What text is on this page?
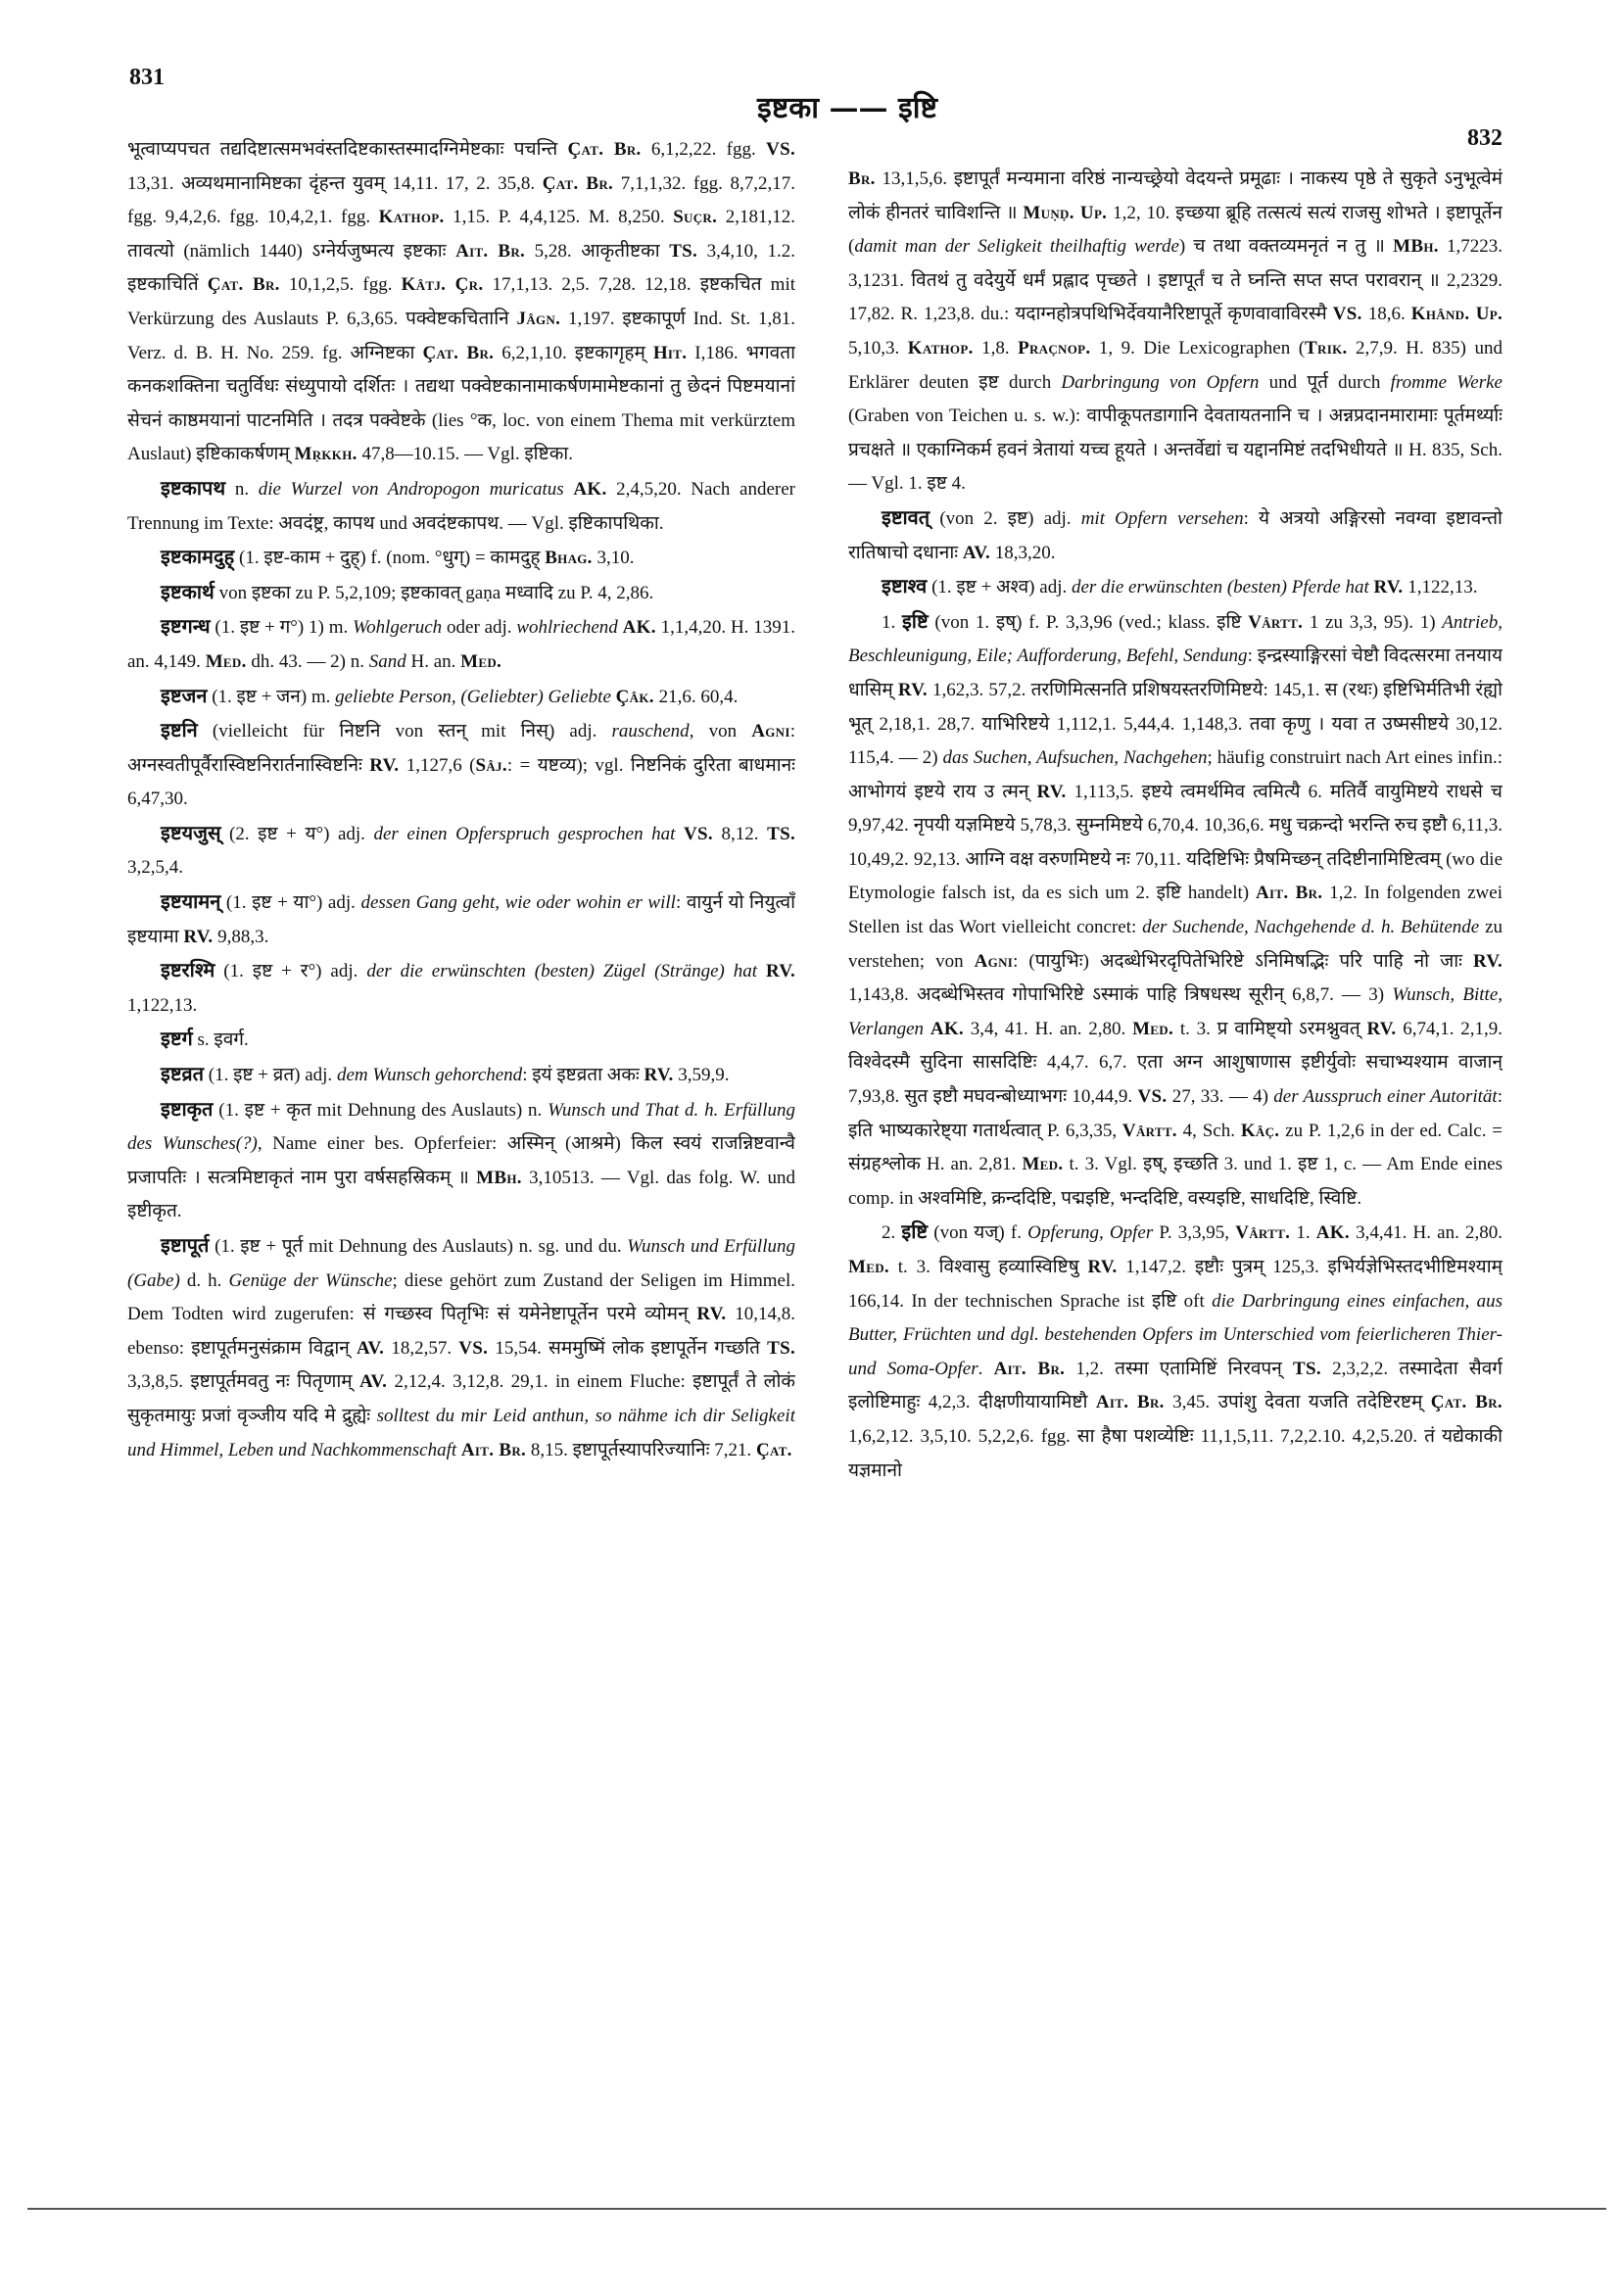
831
इष्टका —— इष्टि
832

भूत्वाप्यपचत तद्यदिष्टात्समभवंस्तदिष्टकास्तस्मादग्निमेष्टकाः पचन्ति Çat. Br. 6,1,2,22. fgg. VS. 13,31. अव्यथमानामिष्टका दृंहन्त युवम् 14,11. 17, 2. 35,8. Çat. Br. 7,1,1,32. fgg. 8,7,2,17. fgg. 9,4,2,6. fgg. 10,4,2,1. fgg. Kathop. 1,15. P. 4,4,125. M. 8,250. Suçr. 2,181,12. तावत्यो (nämlich 1440) ऽग्नेर्यजुष्मत्य इष्टकाः Ait. Br. 5,28. आकृतीष्टका TS. 3,4,10, 1.2. इष्टकाचितिं Çat. Br. 10,1,2,5. fgg. Kâtj. Çr. 17,1,13. 2,5. 7,28. 12,18. इष्टकचित mit Verkürzung des Auslauts P. 6,3,65. पक्वेष्टकचितानि Jâgn. 1,197. इष्टकापूर्ण Ind. St. 1,81. Verz. d. B. H. No. 259. fg. अग्निष्टका Çat. Br. 6,2,1,10. इष्टकागृहम् Hit. I,186. भगवता कनकशक्तिना चतुर्विधः संध्युपायो दर्शितः । तद्यथा पक्वेष्टकानामाकर्षणमामेष्टकानां तु छेदनं पिष्टमयानां सेचनं काष्ठमयानां पाटनमिति । तदत्र पक्वेष्टके (lies °क, loc. von einem Thema mit verkürztem Auslaut) इष्टिकाकर्षणम् Mṛkkh. 47,8—10.15. — Vgl. इष्टिका.

इष्टकापथ n. die Wurzel von Andropogon muricatus AK. 2,4,5,20. Nach anderer Trennung im Texte: अवदंष्ट्र, कापथ und अवदंष्टकापथ. — Vgl. इष्टिकापथिका.

इष्टकामदुह् (1. इष्ट-काम + दुह्) f. (nom. °धुग्) = कामदुह् Bhag. 3,10.

इष्टकार्थ von इष्टका zu P. 5,2,109; इष्टकावत् gaṇa मध्वादि zu P. 4, 2,86.

इष्टगन्ध (1. इष्ट + ग°) 1) m. Wohlgeruch oder adj. wohlriechend AK. 1,1,4,20. H. 1391. an. 4,149. Med. dh. 43. — 2) n. Sand H. an. Med.

इष्टजन (1. इष्ट + जन) m. geliebte Person, (Geliebter) Geliebte Çâk. 21,6. 60,4.

इष्टनि (vielleicht für निष्टनि von स्तन् mit निस्) adj. rauschend, von Agni: अग्नस्वतीपूर्वैरास्विष्टनिरार्तनास्विष्टनिः RV. 1,127,6 (Sâj.: = यष्टव्य); vgl. निष्टनिकं दुरिता बाधमानः 6,47,30.

इष्टयजुस् (2. इष्ट + य°) adj. der einen Opferspruch gesprochen hat VS. 8,12. TS. 3,2,5,4.

इष्टयामन् (1. इष्ट + या°) adj. dessen Gang geht, wie oder wohin er will: वायुर्न यो नियुत्वाँ इष्टयामा RV. 9,88,3.

इष्टरश्मि (1. इष्ट + र°) adj. der die erwünschten (besten) Zügel (Stränge) hat RV. 1,122,13.

इष्टर्ग s. इवर्ग.

इष्टव्रत (1. इष्ट + व्रत) adj. dem Wunsch gehorchend: इयं इष्टव्रता अकः RV. 3,59,9.

इष्टाकृत (1. इष्ट + कृत mit Dehnung des Auslauts) n. Wunsch und That d. h. Erfüllung des Wunsches(?), Name einer bes. Opferfeier: अस्मिन् (आश्रमे) किल स्वयं राजन्निष्टवान्वै प्रजापतिः । सत्त्रमिष्टाकृतं नाम पुरा वर्षसहस्रिकम् ॥ MBh. 3,10513. — Vgl. das folg. W. und इष्टीकृत.

इष्टापूर्त (1. इष्ट + पूर्त mit Dehnung des Auslauts) n. sg. und du. Wunsch und Erfüllung (Gabe) d. h. Genüge der Wünsche; diese gehört zum Zustand der Seligen im Himmel. Dem Todten wird zugerufen: सं गच्छस्व पितृभिः सं यमेनेष्टापूर्तेन परमे व्योमन् RV. 10,14,8. ebenso: इष्टापूर्तमनुसंक्राम विद्वान् AV. 18,2,57. VS. 15,54. सममुष्मिं लोक इष्टापूर्तेन गच्छति TS. 3,3,8,5. इष्टापूर्तमवतु नः पितृणाम् AV. 2,12,4. 3,12,8. 29,1. in einem Fluche: इष्टापूर्तं ते लोकं सुकृतमायुः प्रजां वृञ्जीय यदि मे द्रुह्येः solltest du mir Leid anthun, so nähme ich dir Seligkeit und Himmel, Leben und Nachkommenschaft Ait. Br. 8,15. इष्टापूर्तस्यापरिज्यानिः 7,21. Çat.

Br. 13,1,5,6. इष्टापूर्तं मन्यमाना वरिष्ठं नान्यच्छ्रेयो वेदयन्ते प्रमूढाः । नाकस्य पृष्ठे ते सुकृते ऽनुभूत्वेमं लोकं हीनतरं चाविशन्ति ॥ Muṇḍ. Up. 1,2, 10. इच्छया ब्रूहि तत्सत्यं सत्यं राजसु शोभते । इष्टापूर्तेन (damit man der Seligkeit theilhaftig werde) च तथा वक्तव्यमनृतं न तु ॥ MBh. 1,7223. 3,1231. वितथं तु वदेयुर्ये धर्मं प्रह्लाद पृच्छते । इष्टापूर्तं च ते घ्नन्ति सप्त सप्त परावरान् ॥ 2,2329. 17,82. R. 1,23,8. du.: यदाग्नहोत्रपथिभिर्देवयानैरिष्टापूर्ते कृणवावाविरस्मै VS. 18,6. Khând. Up. 5,10,3. Kathop. 1,8. Praçnop. 1, 9. Die Lexicographen (Trik. 2,7,9. H. 835) und Erklärer deuten इष्ट durch Darbringung von Opfern und पूर्त durch fromme Werke (Graben von Teichen u. s. w.): वापीकूपतडागानि देवतायतनानि च । अन्नप्रदानमारामाः पूर्तमर्थ्याः प्रचक्षते ॥ एकाग्निकर्म हवनं त्रेतायां यच्च हूयते । अन्तर्वेद्यां च यद्दानमिष्टं तदभिधीयते ॥ H. 835, Sch. — Vgl. 1. इष्ट 4.

इष्टावत् (von 2. इष्ट) adj. mit Opfern versehen: ये अत्रयो अङ्गिरसो नवग्वा इष्टावन्तो रातिषाचो दधानाः AV. 18,3,20.

इष्टाश्व (1. इष्ट + अश्व) adj. der die erwünschten (besten) Pferde hat RV. 1,122,13.

1. इष्टि (von 1. इष्) f. P. 3,3,96 (ved.; klass. इष्टि Vârtt. 1 zu 3,3, 95). 1) Antrieb, Beschleunigung, Eile; Aufforderung, Befehl, Sendung: इन्द्रस्याङ्गिरसां चेष्टौ विदत्सरमा तनयाय धासिम् RV. 1,62,3. 57,2. तरणिमित्सनति प्रशिषयस्तरणिमिष्टये: 145,1. स (रथः) इष्टिभिर्मतिभी रंह्यो भूत् 2,18,1. 28,7. याभिरिष्टये 1,112,1. 5,44,4. 1,148,3. तवा कृणु । यवा त उष्मसीष्टये 30,12. 115,4. — 2) das Suchen, Aufsuchen, Nachgehen; häufig construirt nach Art eines infin.: आभोगयं इष्टये राय उ त्मन् RV. 1,113,5. इष्टये त्वमर्थमिव त्वमित्यै 6. मतिर्वै वायुमिष्टये राधसे च 9,97,42. नृपयी यज्ञमिष्टये 5,78,3. सुम्नमिष्टये 6,70,4. 10,36,6. मधु चक्रन्दो भरन्ति रुच इष्टौ 6,11,3. 10,49,2. 92,13. आग्नि वक्ष वरुणमिष्टये नः 70,11. यदिष्टिभिः प्रैषमिच्छन् तदिष्टीनामिष्टित्वम् (wo die Etymologie falsch ist, da es sich um 2. इष्टि handelt) Ait. Br. 1,2. In folgenden zwei Stellen ist das Wort vielleicht concret: der Suchende, Nachgehende d. h. Behütende zu verstehen; von Agni: (पायुभिः) अदब्धेभिरदृपितेभिरिष्टे ऽनिमिषद्भिः परि पाहि नो जाः RV. 1,143,8. अदब्धेभिस्तव गोपाभिरिष्टे ऽस्माकं पाहि त्रिषधस्थ सूरीन् 6,8,7. — 3) Wunsch, Bitte, Verlangen AK. 3,4, 41. H. an. 2,80. Med. t. 3. प्र वामिष्ट्यो ऽरमश्नुवत् RV. 6,74,1. 2,1,9. विश्वेदस्मै सुदिना सासदिष्टिः 4,4,7. 6,7. एता अग्न आशुषाणास इष्टीर्युवोः सचाभ्यश्याम वाजान् 7,93,8. सुत इष्टौ मघवन्बोध्याभगः 10,44,9. VS. 27, 33. — 4) der Ausspruch einer Autorität: इति भाष्यकारेष्ट्या गतार्थत्वात् P. 6,3,35, Vârtt. 4, Sch. Kâç. zu P. 1,2,6 in der ed. Calc. = संग्रहश्लोक H. an. 2,81. Med. t. 3. Vgl. इष्, इच्छति 3. und 1. इष्ट 1, c. — Am Ende eines comp. in अश्वमिष्टि, क्रन्ददिष्टि, पद्मइष्टि, भन्ददिष्टि, वस्यइष्टि, साधदिष्टि, स्विष्टि.

2. इष्टि (von यज्) f. Opferung, Opfer P. 3,3,95, Vârtt. 1. AK. 3,4,41. H. an. 2,80. Med. t. 3. विश्वासु हव्यास्विष्टिषु RV. 1,147,2. इष्टौः पुत्रम् 125,3. इभिर्यज्ञेभिस्तदभीष्टिमश्याम् 166,14. In der technischen Sprache ist इष्टि oft die Darbringung eines einfachen, aus Butter, Früchten und dgl. bestehenden Opfers im Unterschied vom feierlicheren Thier- und Soma-Opfer. Ait. Br. 1,2. तस्मा एतामिष्टिं निरवपन् TS. 2,3,2,2. तस्मादेता सैवर्ग इलोष्टिमाहुः 4,2,3. दीक्षणीयायामिष्टौ Ait. Br. 3,45. उपांशु देवता यजति तदेष्टिरष्टम् Çat. Br. 1,6,2,12. 3,5,10. 5,2,2,6. fgg. सा हैषा पशव्येष्टिः 11,1,5,11. 7,2,2.10. 4,2,5.20. तं यद्येकाकी यज्ञमानो
